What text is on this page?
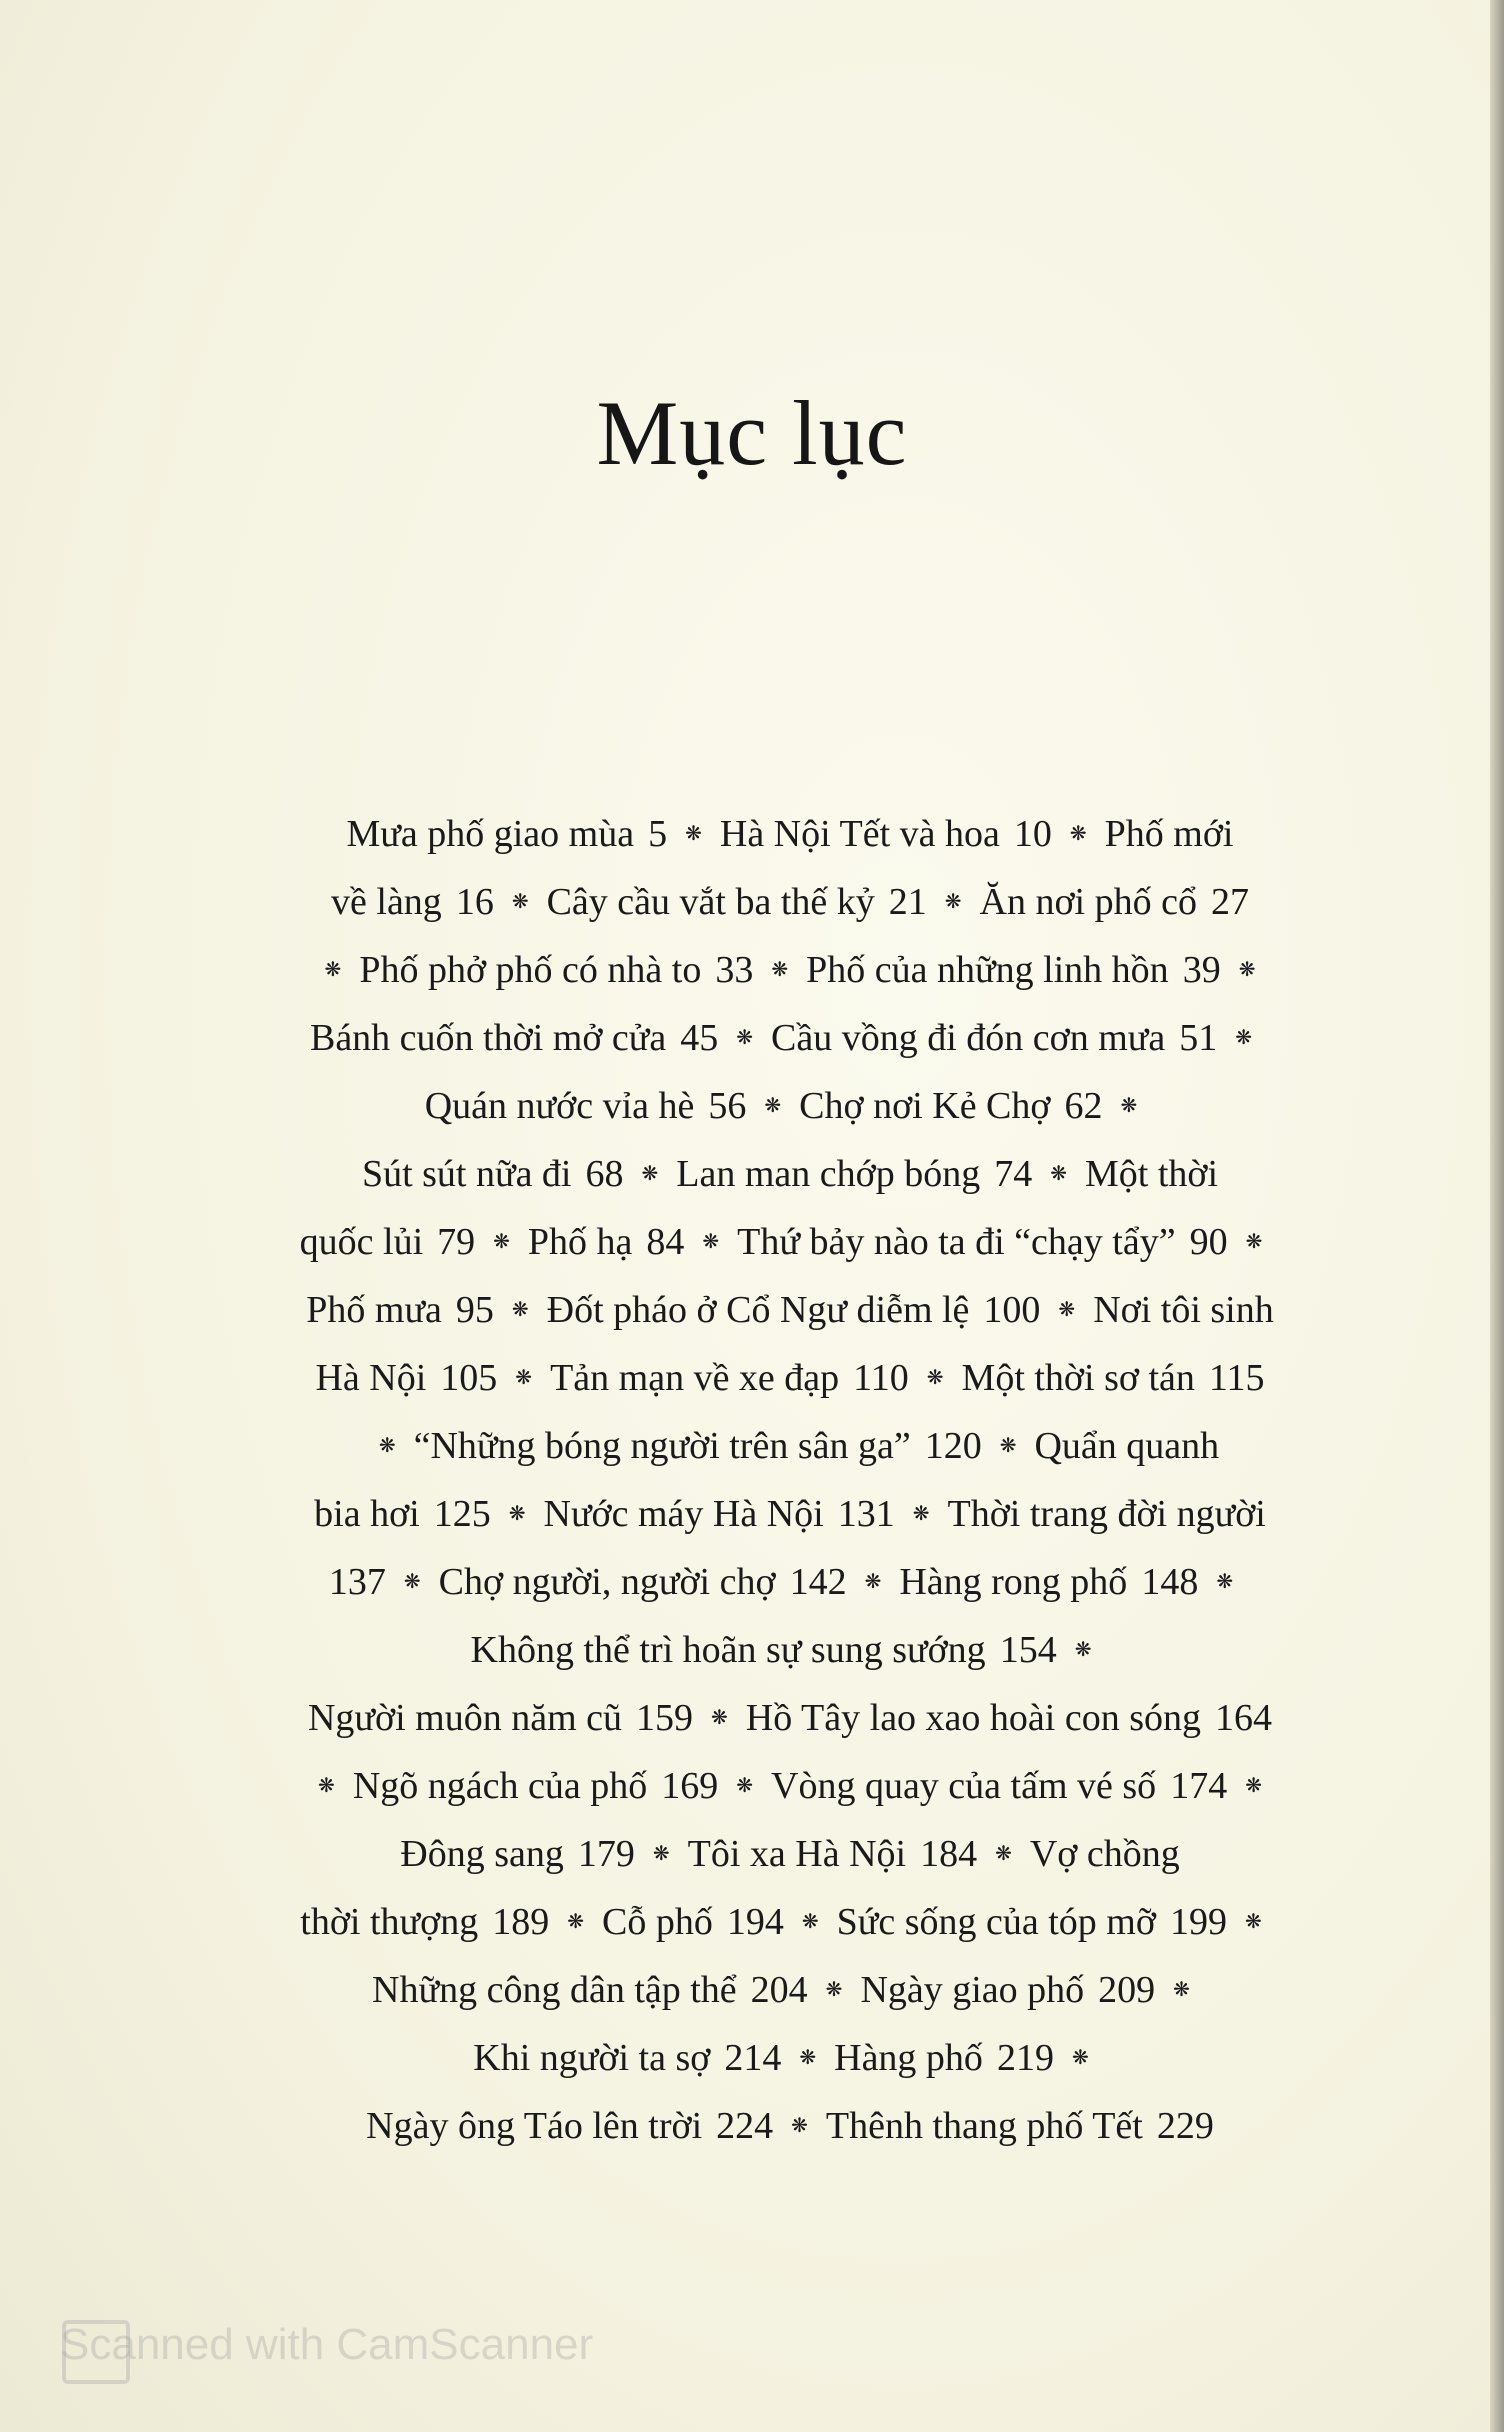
Mục lục
Mưa phố giao mùa 5 ❋ Hà Nội Tết và hoa 10 ❋ Phố mới
về làng 16 ❋ Cây cầu vắt ba thế kỷ 21 ❋ Ăn nơi phố cổ 27
❋ Phố phở phố có nhà to 33 ❋ Phố của những linh hồn 39 ❋
Bánh cuốn thời mở cửa 45 ❋ Cầu vồng đi đón cơn mưa 51 ❋
Quán nước vỉa hè 56 ❋ Chợ nơi Kẻ Chợ 62 ❋
Sút sút nữa đi 68 ❋ Lan man chớp bóng 74 ❋ Một thời
quốc lủi 79 ❋ Phố hạ 84 ❋ Thứ bảy nào ta đi “chạy tẩy” 90 ❋
Phố mưa 95 ❋ Đốt pháo ở Cổ Ngư diễm lệ 100 ❋ Nơi tôi sinh
Hà Nội 105 ❋ Tản mạn về xe đạp 110 ❋ Một thời sơ tán 115
❋ “Những bóng người trên sân ga” 120 ❋ Quẩn quanh
bia hơi 125 ❋ Nước máy Hà Nội 131 ❋ Thời trang đời người
137 ❋ Chợ người, người chợ 142 ❋ Hàng rong phố 148 ❋
Không thể trì hoãn sự sung sướng 154 ❋
Người muôn năm cũ 159 ❋ Hồ Tây lao xao hoài con sóng 164
❋ Ngõ ngách của phố 169 ❋ Vòng quay của tấm vé số 174 ❋
Đông sang 179 ❋ Tôi xa Hà Nội 184 ❋ Vợ chồng
thời thượng 189 ❋ Cỗ phố 194 ❋ Sức sống của tóp mỡ 199 ❋
Những công dân tập thể 204 ❋ Ngày giao phố 209 ❋
Khi người ta sợ 214 ❋ Hàng phố 219 ❋
Ngày ông Táo lên trời 224 ❋ Thênh thang phố Tết 229
Scanned with CamScanner
